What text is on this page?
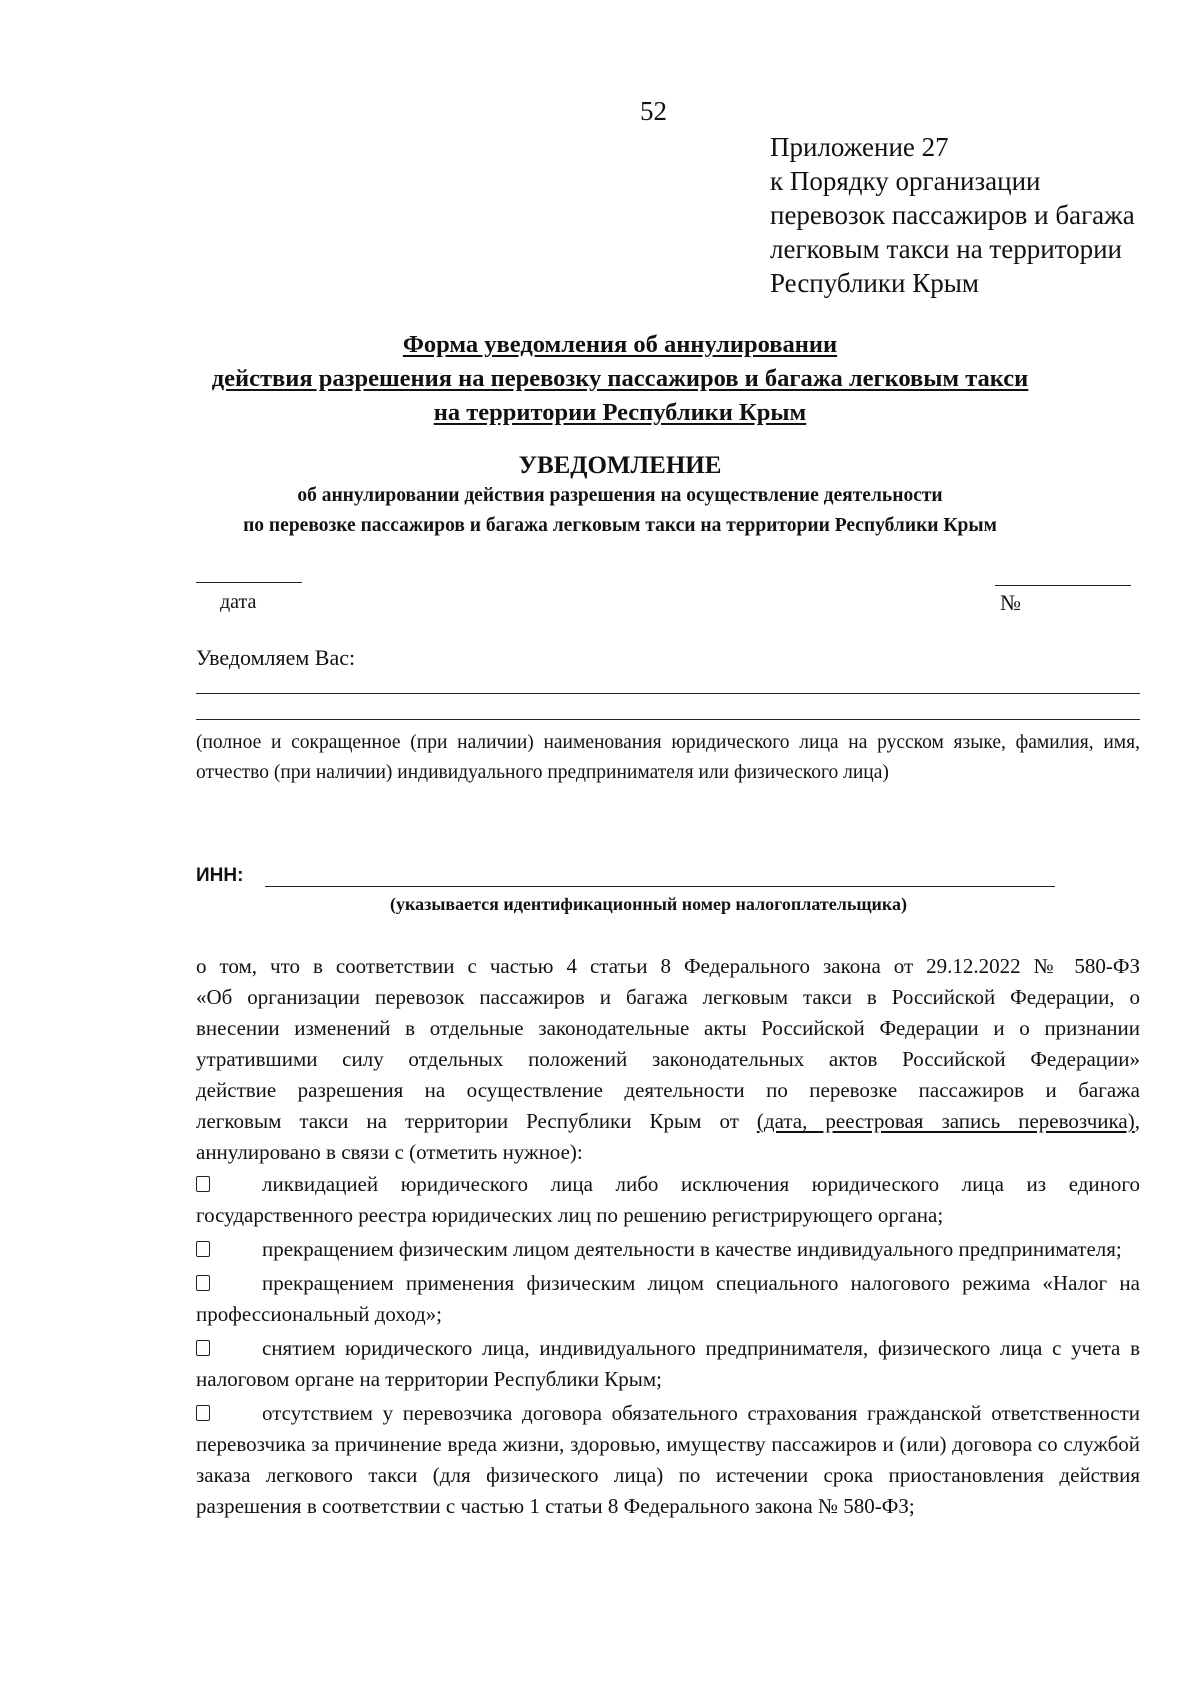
52
Приложение 27
к Порядку организации
перевозок пассажиров и багажа
легковым такси на территории
Республики Крым
Форма уведомления об аннулировании
действия разрешения на перевозку пассажиров и багажа легковым такси
на территории Республики Крым
УВЕДОМЛЕНИЕ
об аннулировании действия разрешения на осуществление деятельности
по перевозке пассажиров и багажа легковым такси на территории Республики Крым
дата	№
Уведомляем Вас:
(полное и сокращенное (при наличии) наименования юридического лица на русском языке, фамилия, имя, отчество (при наличии) индивидуального предпринимателя или физического лица)
ИНН:
(указывается идентификационный номер налогоплательщика)
о том, что в соответствии с частью 4 статьи 8 Федерального закона от 29.12.2022 № 580-ФЗ
«Об организации перевозок пассажиров и багажа легковым такси в Российской Федерации, о
внесении изменений в отдельные законодательные акты Российской Федерации и о признании
утратившими силу отдельных положений законодательных актов Российской Федерации»
действие разрешения на осуществление деятельности по перевозке пассажиров и багажа
легковым такси на территории Республики Крым от (дата, реестровая запись перевозчика),
аннулировано в связи с (отметить нужное):
ликвидацией юридического лица либо исключения юридического лица из единого государственного реестра юридических лиц по решению регистрирующего органа;
прекращением физическим лицом деятельности в качестве индивидуального предпринимателя;
прекращением применения физическим лицом специального налогового режима «Налог на профессиональный доход»;
снятием юридического лица, индивидуального предпринимателя, физического лица с учета в налоговом органе на территории Республики Крым;
отсутствием у перевозчика договора обязательного страхования гражданской ответственности перевозчика за причинение вреда жизни, здоровью, имуществу пассажиров и (или) договора со службой заказа легкового такси (для физического лица) по истечении срока приостановления действия разрешения в соответствии с частью 1 статьи 8 Федерального закона № 580-ФЗ;
